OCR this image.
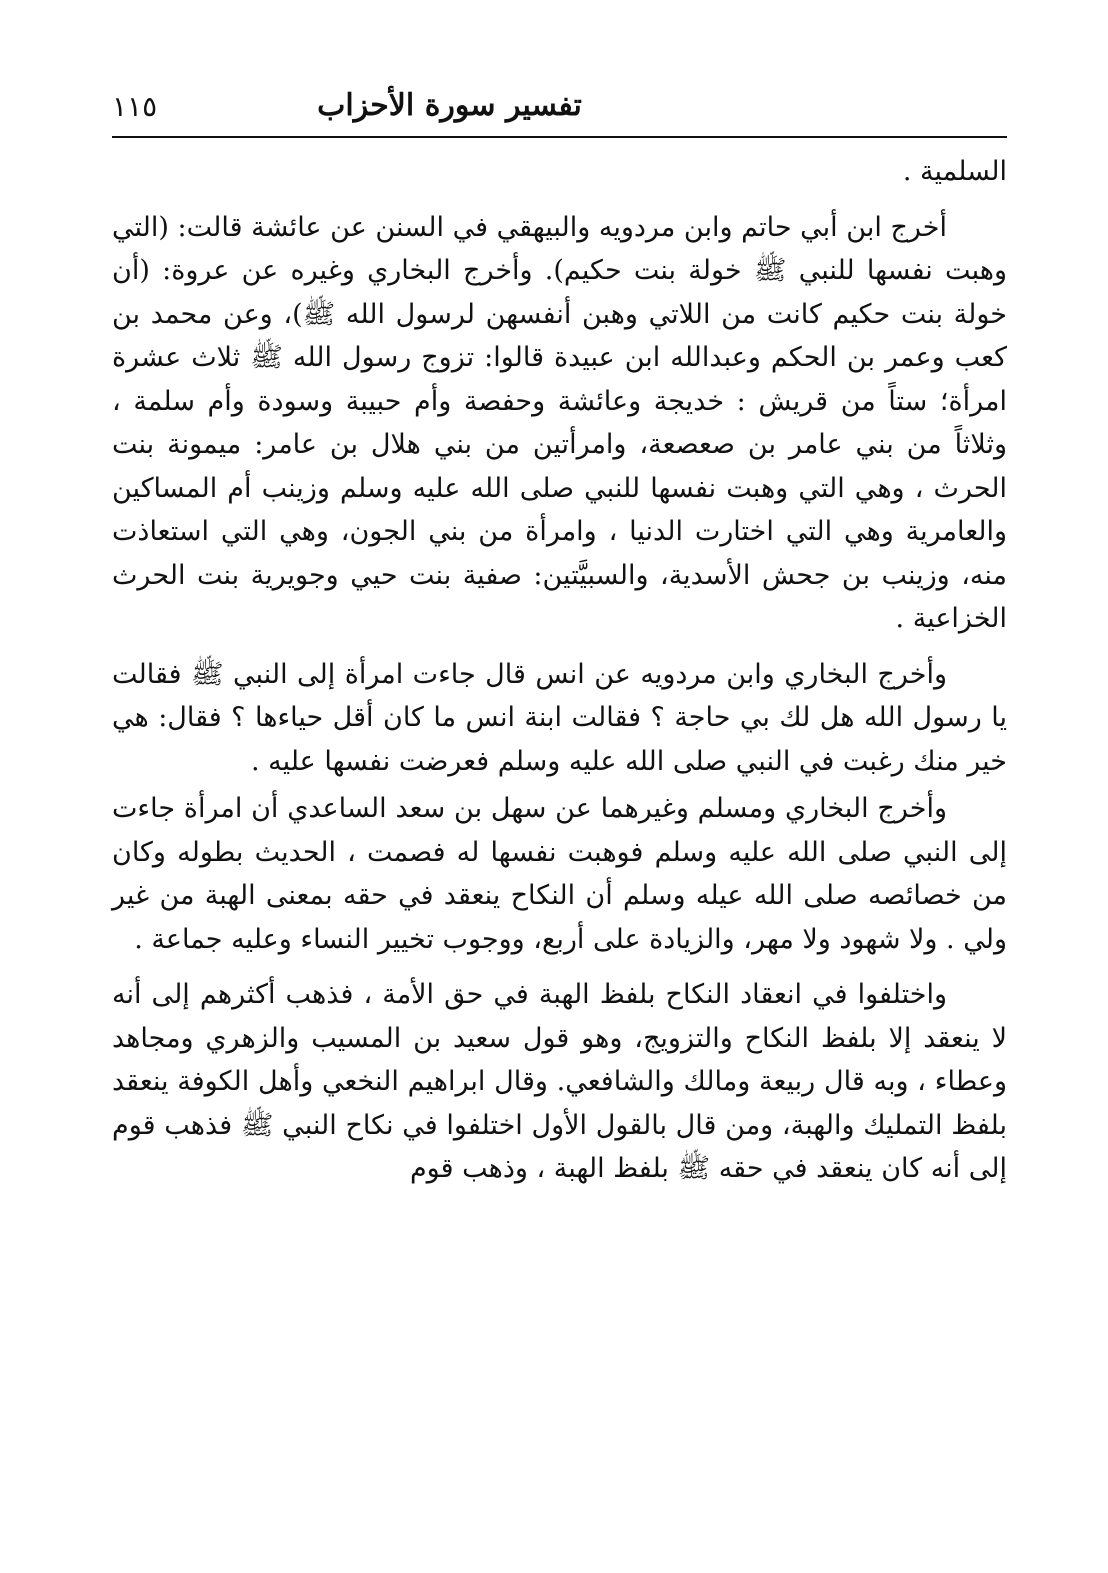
تفسير سورة الأحزاب
١١٥

السلمية .

أخرج ابن أبي حاتم وابن مردويه والبيهقي في السنن عن عائشة قالت: (التي وهبت نفسها للنبي ﷺ خولة بنت حكيم). وأخرج البخاري وغيره عن عروة: (أن خولة بنت حكيم كانت من اللاتي وهبن أنفسهن لرسول الله ﷺ)، وعن محمد بن كعب وعمر بن الحكم وعبدالله ابن عبيدة قالوا: تزوج رسول الله ﷺ ثلاث عشرة امرأة؛ ستاً من قريش : خديجة وعائشة وحفصة وأم حبيبة وسودة وأم سلمة ، وثلاثاً من بني عامر بن صعصعة، وامرأتين من بني هلال بن عامر: ميمونة بنت الحرث ، وهي التي وهبت نفسها للنبي صلى الله عليه وسلم وزينب أم المساكين والعامرية وهي التي اختارت الدنيا ، وامرأة من بني الجون، وهي التي استعاذت منه، وزينب بن جحش الأسدية، والسبيَّتين: صفية بنت حيي وجويرية بنت الحرث الخزاعية .

وأخرج البخاري وابن مردويه عن انس قال جاءت امرأة إلى النبي ﷺ فقالت يا رسول الله هل لك بي حاجة ؟ فقالت ابنة انس ما كان أقل حياءها ؟ فقال: هي خير منك رغبت في النبي صلى الله عليه وسلم فعرضت نفسها عليه .

وأخرج البخاري ومسلم وغيرهما عن سهل بن سعد الساعدي أن امرأة جاءت إلى النبي صلى الله عليه وسلم فوهبت نفسها له فصمت ، الحديث بطوله وكان من خصائصه صلى الله عيله وسلم أن النكاح ينعقد في حقه بمعنى الهبة من غير ولي . ولا شهود ولا مهر، والزيادة على أربع، ووجوب تخيير النساء وعليه جماعة .

واختلفوا في انعقاد النكاح بلفظ الهبة في حق الأمة ، فذهب أكثرهم إلى أنه لا ينعقد إلا بلفظ النكاح والتزويج، وهو قول سعيد بن المسيب والزهري ومجاهد وعطاء ، وبه قال ربيعة ومالك والشافعي. وقال ابراهيم النخعي وأهل الكوفة ينعقد بلفظ التمليك والهبة، ومن قال بالقول الأول اختلفوا في نكاح النبي ﷺ فذهب قوم إلى أنه كان ينعقد في حقه ﷺ بلفظ الهبة ، وذهب قوم
